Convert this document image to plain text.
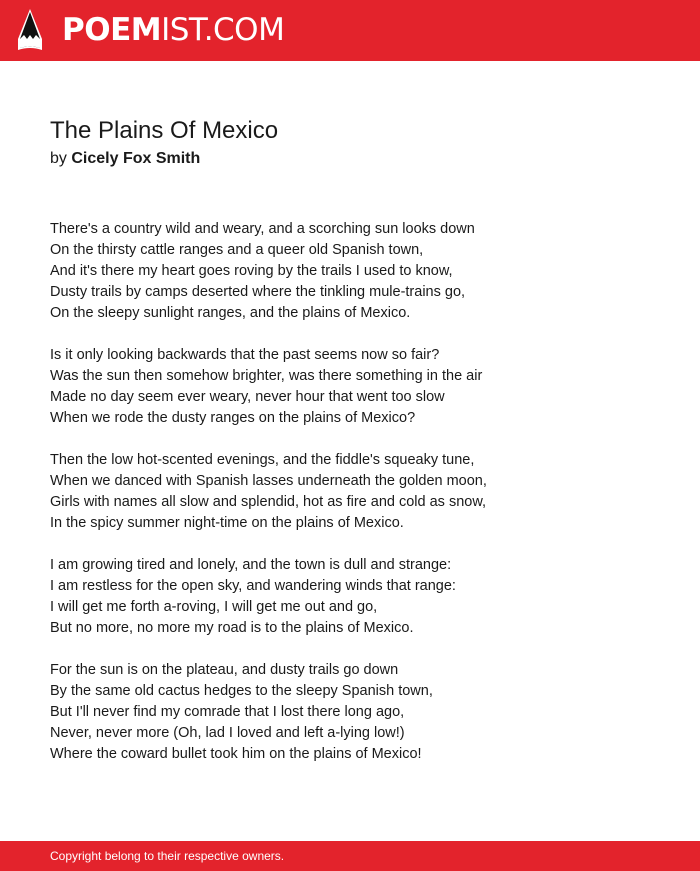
POEMIST.COM
The Plains Of Mexico
by Cicely Fox Smith
There's a country wild and weary, and a scorching sun looks down
On the thirsty cattle ranges and a queer old Spanish town,
And it's there my heart goes roving by the trails I used to know,
Dusty trails by camps deserted where the tinkling mule-trains go,
On the sleepy sunlight ranges, and the plains of Mexico.
Is it only looking backwards that the past seems now so fair?
Was the sun then somehow brighter, was there something in the air
Made no day seem ever weary, never hour that went too slow
When we rode the dusty ranges on the plains of Mexico?
Then the low hot-scented evenings, and the fiddle's squeaky tune,
When we danced with Spanish lasses underneath the golden moon,
Girls with names all slow and splendid, hot as fire and cold as snow,
In the spicy summer night-time on the plains of Mexico.
I am growing tired and lonely, and the town is dull and strange:
I am restless for the open sky, and wandering winds that range:
I will get me forth a-roving, I will get me out and go,
But no more, no more my road is to the plains of Mexico.
For the sun is on the plateau, and dusty trails go down
By the same old cactus hedges to the sleepy Spanish town,
But I'll never find my comrade that I lost there long ago,
Never, never more (Oh, lad I loved and left a-lying low!)
Where the coward bullet took him on the plains of Mexico!
Copyright belong to their respective owners.
